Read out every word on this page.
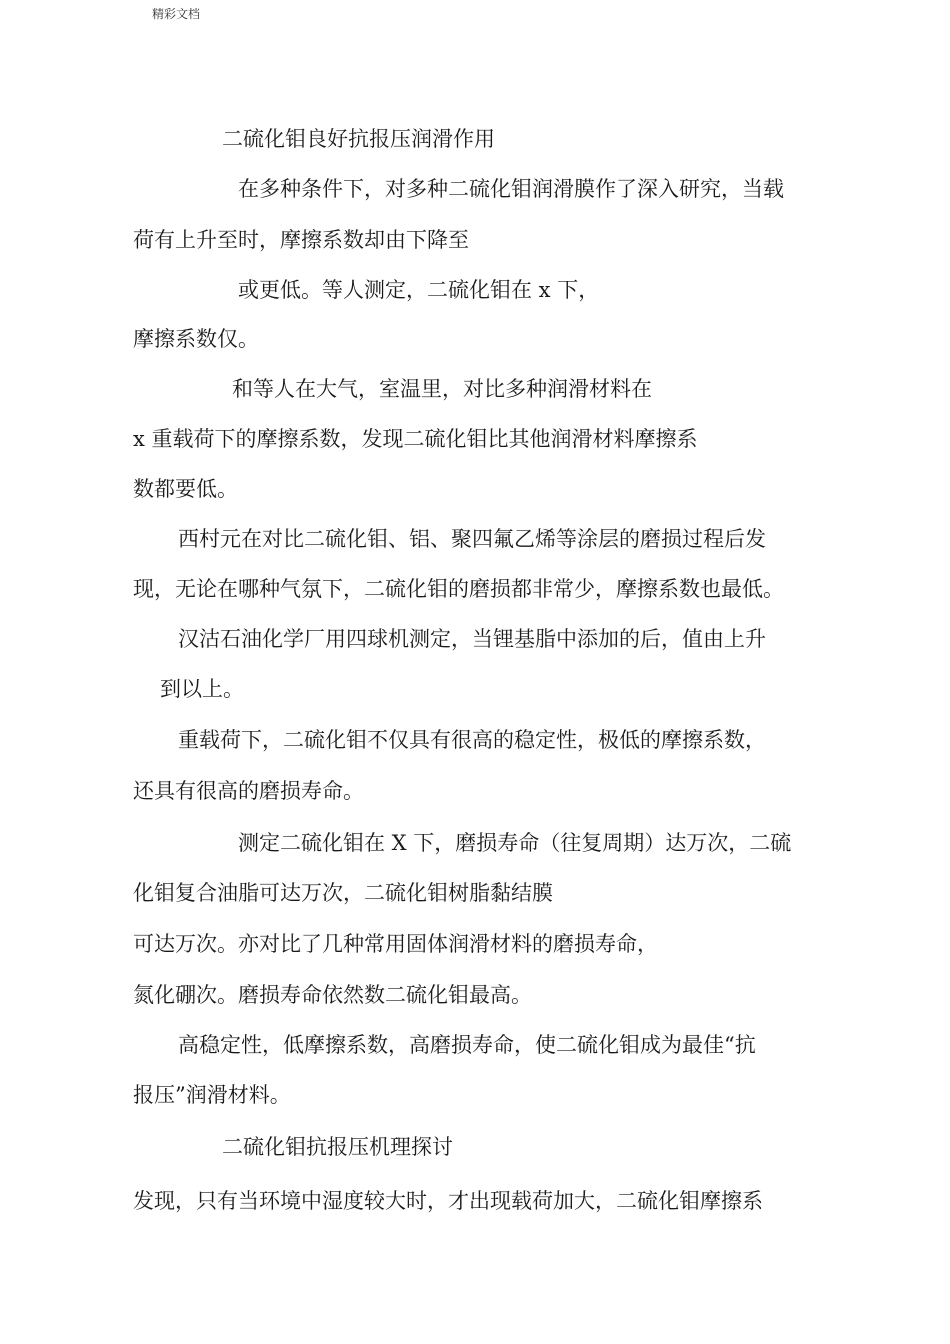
精彩文档
二硫化钼良好抗报压润滑作用
在多种条件下，对多种二硫化钼润滑膜作了深入研究，当载
荷有上升至时，摩擦系数却由下降至
或更低。等人测定，二硫化钼在 x 下，
摩擦系数仅。
和等人在大气，室温里，对比多种润滑材料在
x 重载荷下的摩擦系数，发现二硫化钼比其他润滑材料摩擦系
数都要低。
西村元在对比二硫化钼、铝、聚四氟乙烯等涂层的磨损过程后发
现，无论在哪种气氛下，二硫化钼的磨损都非常少，摩擦系数也最低。
汉沽石油化学厂用四球机测定，当锂基脂中添加的后，值由上升
到以上。
重载荷下，二硫化钼不仅具有很高的稳定性，极低的摩擦系数，
还具有很高的磨损寿命。
测定二硫化钼在 X 下，磨损寿命（往复周期）达万次，二硫
化钼复合油脂可达万次，二硫化钼树脂黏结膜
可达万次。亦对比了几种常用固体润滑材料的磨损寿命，
氮化硼次。磨损寿命依然数二硫化钼最高。
高稳定性，低摩擦系数，高磨损寿命，使二硫化钼成为最佳“抗
报压”润滑材料。
二硫化钼抗报压机理探讨
发现，只有当环境中湿度较大时，才出现载荷加大，二硫化钼摩擦系
